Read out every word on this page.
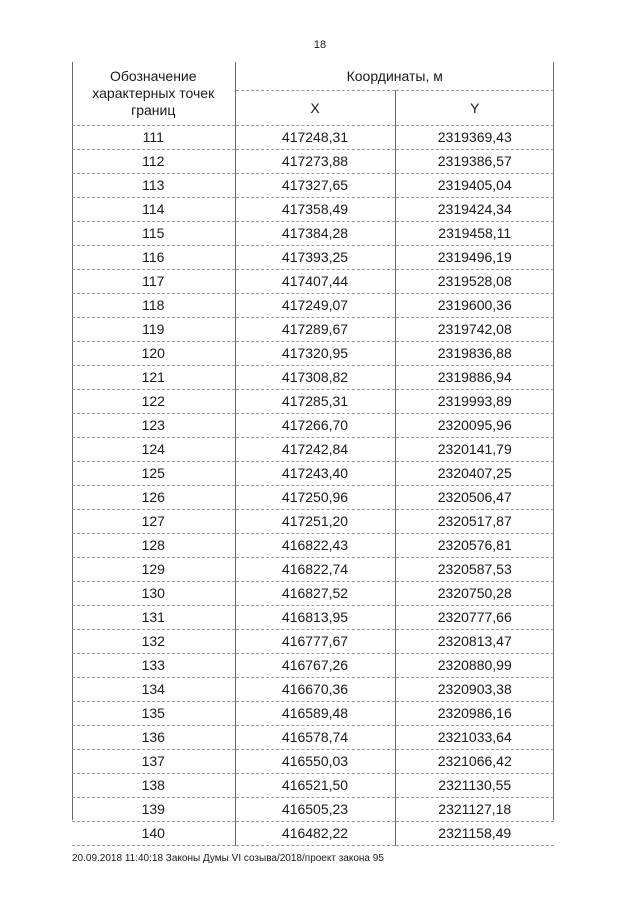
18
Обозначение характерных точек границ	Координаты, м	
	X	Y
111	417248,31	2319369,43
112	417273,88	2319386,57
113	417327,65	2319405,04
114	417358,49	2319424,34
115	417384,28	2319458,11
116	417393,25	2319496,19
117	417407,44	2319528,08
118	417249,07	2319600,36
119	417289,67	2319742,08
120	417320,95	2319836,88
121	417308,82	2319886,94
122	417285,31	2319993,89
123	417266,70	2320095,96
124	417242,84	2320141,79
125	417243,40	2320407,25
126	417250,96	2320506,47
127	417251,20	2320517,87
128	416822,43	2320576,81
129	416822,74	2320587,53
130	416827,52	2320750,28
131	416813,95	2320777,66
132	416777,67	2320813,47
133	416767,26	2320880,99
134	416670,36	2320903,38
135	416589,48	2320986,16
136	416578,74	2321033,64
137	416550,03	2321066,42
138	416521,50	2321130,55
139	416505,23	2321127,18
140	416482,22	2321158,49
20.09.2018 11:40:18 Законы Думы VI созыва/2018/проект закона 95
